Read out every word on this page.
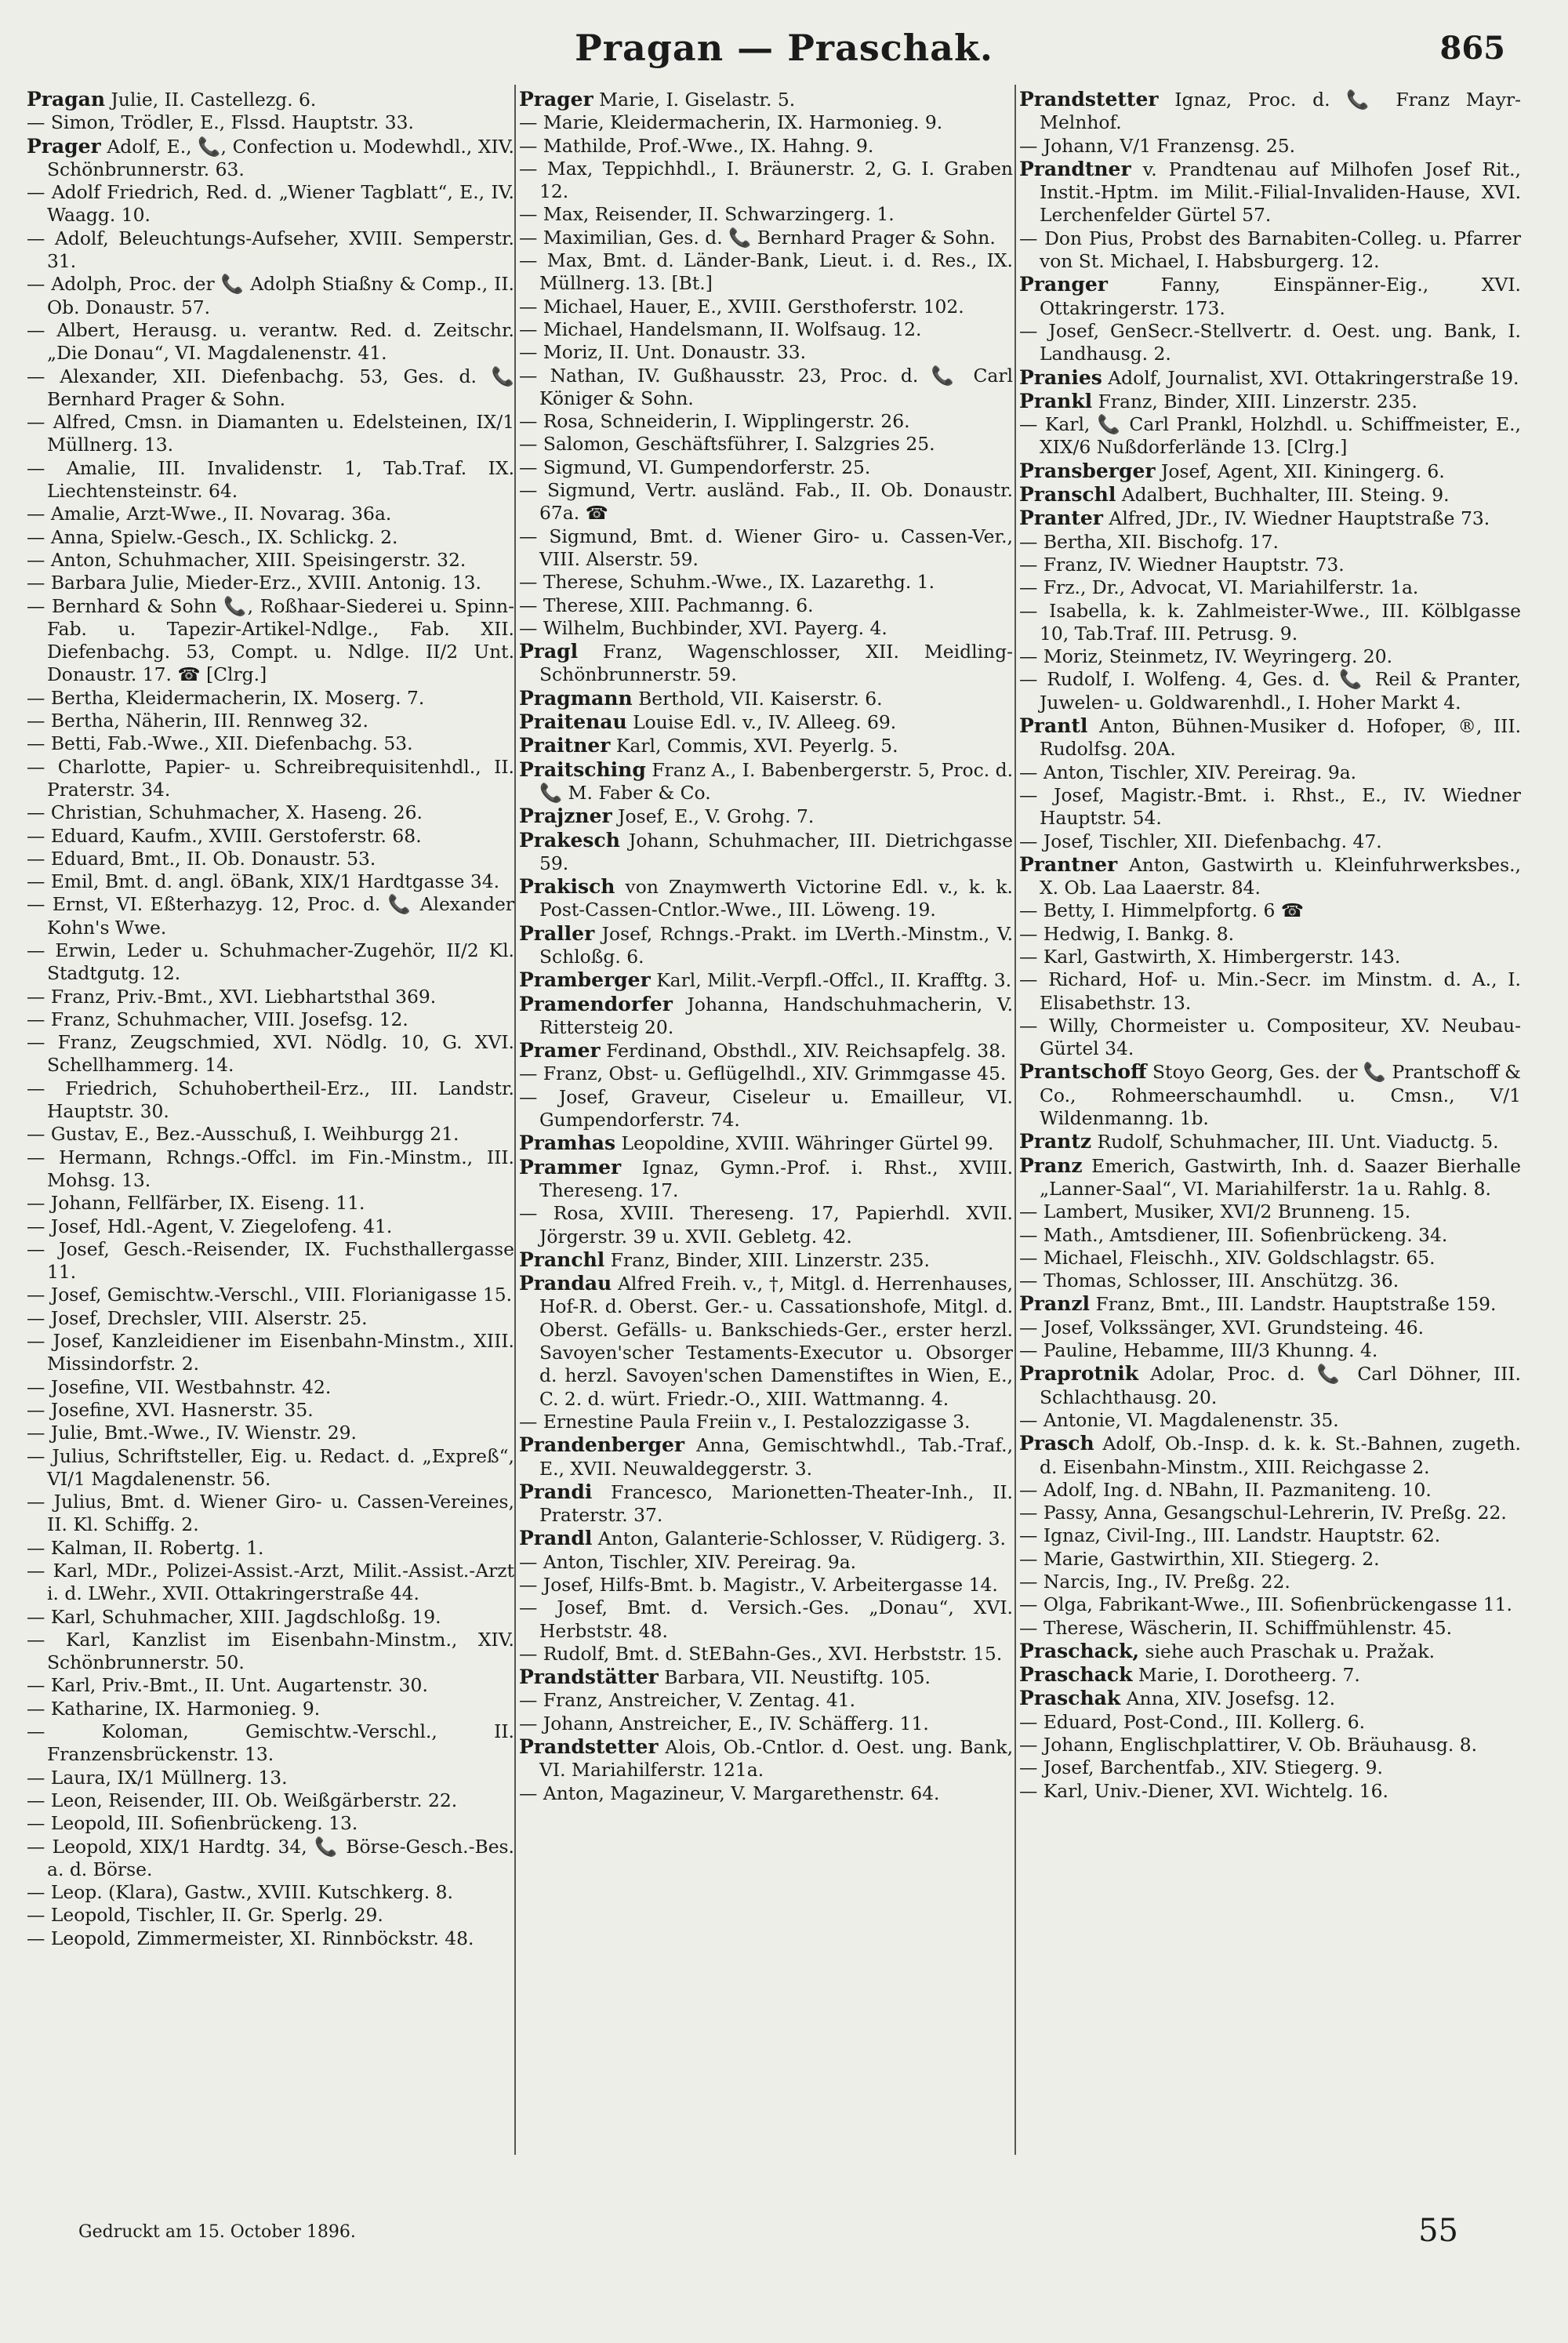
Pragan — Praschak.	865

Pragan Julie, II. Castellezg. 6.

— Simon, Trödler, E., Flssd. Hauptstr. 33.

Prager Adolf, E., 📞, Confection u. Modewhdl., XIV. Schönbrunnerstr. 63.

— Adolf Friedrich, Red. d. „Wiener Tagblatt“, E., IV. Waagg. 10.

— Adolf, Beleuchtungs-Aufseher, XVIII. Semperstr. 31.

— Adolph, Proc. der 📞 Adolph Stiaßny & Comp., II. Ob. Donaustr. 57.

— Albert, Herausg. u. verantw. Red. d. Zeitschr. „Die Donau“, VI. Magdalenenstr. 41.

— Alexander, XII. Diefenbachg. 53, Ges. d. 📞 Bernhard Prager & Sohn.

— Alfred, Cmsn. in Diamanten u. Edelsteinen, IX/1 Müllnerg. 13.

— Amalie, III. Invalidenstr. 1, Tab.Traf. IX. Liechtensteinstr. 64.

— Amalie, Arzt-Wwe., II. Novarag. 36a.

— Anna, Spielw.-Gesch., IX. Schlickg. 2.

— Anton, Schuhmacher, XIII. Speisingerstr. 32.

— Barbara Julie, Mieder-Erz., XVIII. Antonig. 13.

— Bernhard & Sohn 📞, Roßhaar-Siederei u. Spinn-Fab. u. Tapezir-Artikel-Ndlge., Fab. XII. Diefenbachg. 53, Compt. u. Ndlge. II/2 Unt. Donaustr. 17. ☎ [Clrg.]

— Bertha, Kleidermacherin, IX. Moserg. 7.

— Bertha, Näherin, III. Rennweg 32.

— Betti, Fab.-Wwe., XII. Diefenbachg. 53.

— Charlotte, Papier- u. Schreibrequisitenhdl., II. Praterstr. 34.

— Christian, Schuhmacher, X. Haseng. 26.

— Eduard, Kaufm., XVIII. Gerstoferstr. 68.

— Eduard, Bmt., II. Ob. Donaustr. 53.

— Emil, Bmt. d. angl. öBank, XIX/1 Hardtgasse 34.

— Ernst, VI. Eßterhazyg. 12, Proc. d. 📞 Alexander Kohn's Wwe.

— Erwin, Leder u. Schuhmacher-Zugehör, II/2 Kl. Stadtgutg. 12.

— Franz, Priv.-Bmt., XVI. Liebhartsthal 369.

— Franz, Schuhmacher, VIII. Josefsg. 12.

— Franz, Zeugschmied, XVI. Nödlg. 10, G. XVI. Schellhammerg. 14.

— Friedrich, Schuhobertheil-Erz., III. Landstr. Hauptstr. 30.

— Gustav, E., Bez.-Ausschuß, I. Weihburgg 21.

— Hermann, Rchngs.-Offcl. im Fin.-Minstm., III. Mohsg. 13.

— Johann, Fellfärber, IX. Eiseng. 11.

— Josef, Hdl.-Agent, V. Ziegelofeng. 41.

— Josef, Gesch.-Reisender, IX. Fuchsthallergasse 11.

— Josef, Gemischtw.-Verschl., VIII. Florianigasse 15.

— Josef, Drechsler, VIII. Alserstr. 25.

— Josef, Kanzleidiener im Eisenbahn-Minstm., XIII. Missindorfstr. 2.

— Josefine, VII. Westbahnstr. 42.

— Josefine, XVI. Hasnerstr. 35.

— Julie, Bmt.-Wwe., IV. Wienstr. 29.

— Julius, Schriftsteller, Eig. u. Redact. d. „Expreß“, VI/1 Magdalenenstr. 56.

— Julius, Bmt. d. Wiener Giro- u. Cassen-Vereines, II. Kl. Schiffg. 2.

— Kalman, II. Robertg. 1.

— Karl, MDr., Polizei-Assist.-Arzt, Milit.-Assist.-Arzt i. d. LWehr., XVII. Ottakringerstraße 44.

— Karl, Schuhmacher, XIII. Jagdschloßg. 19.

— Karl, Kanzlist im Eisenbahn-Minstm., XIV. Schönbrunnerstr. 50.

— Karl, Priv.-Bmt., II. Unt. Augartenstr. 30.

— Katharine, IX. Harmonieg. 9.

— Koloman, Gemischtw.-Verschl., II. Franzensbrückenstr. 13.

— Laura, IX/1 Müllnerg. 13.

— Leon, Reisender, III. Ob. Weißgärberstr. 22.

— Leopold, III. Sofienbrückeng. 13.

— Leopold, XIX/1 Hardtg. 34, 📞 Börse-Gesch.-Bes. a. d. Börse.

— Leop. (Klara), Gastw., XVIII. Kutschkerg. 8.

— Leopold, Tischler, II. Gr. Sperlg. 29.

— Leopold, Zimmermeister, XI. Rinnböckstr. 48.

Prager Marie, I. Giselastr. 5.

— Marie, Kleidermacherin, IX. Harmonieg. 9.

— Mathilde, Prof.-Wwe., IX. Hahng. 9.

— Max, Teppichhdl., I. Bräunerstr. 2, G. I. Graben 12.

— Max, Reisender, II. Schwarzingerg. 1.

— Maximilian, Ges. d. 📞 Bernhard Prager & Sohn.

— Max, Bmt. d. Länder-Bank, Lieut. i. d. Res., IX. Müllnerg. 13. [Bt.]

— Michael, Hauer, E., XVIII. Gersthoferstr. 102.

— Michael, Handelsmann, II. Wolfsaug. 12.

— Moriz, II. Unt. Donaustr. 33.

— Nathan, IV. Gußhausstr. 23, Proc. d. 📞 Carl Königer & Sohn.

— Rosa, Schneiderin, I. Wipplingerstr. 26.

— Salomon, Geschäftsführer, I. Salzgries 25.

— Sigmund, VI. Gumpendorferstr. 25.

— Sigmund, Vertr. ausländ. Fab., II. Ob. Donaustr. 67a. ☎

— Sigmund, Bmt. d. Wiener Giro- u. Cassen-Ver., VIII. Alserstr. 59.

— Therese, Schuhm.-Wwe., IX. Lazarethg. 1.

— Therese, XIII. Pachmanng. 6.

— Wilhelm, Buchbinder, XVI. Payerg. 4.

Pragl Franz, Wagenschlosser, XII. Meidling-Schönbrunnerstr. 59.

Pragmann Berthold, VII. Kaiserstr. 6.

Praitenau Louise Edl. v., IV. Alleeg. 69.

Praitner Karl, Commis, XVI. Peyerlg. 5.

Praitsching Franz A., I. Babenbergerstr. 5, Proc. d. 📞 M. Faber & Co.

Prajzner Josef, E., V. Grohg. 7.

Prakesch Johann, Schuhmacher, III. Dietrichgasse 59.

Prakisch von Znaymwerth Victorine Edl. v., k. k. Post-Cassen-Cntlor.-Wwe., III. Löweng. 19.

Praller Josef, Rchngs.-Prakt. im LVerth.-Minstm., V. Schloßg. 6.

Pramberger Karl, Milit.-Verpfl.-Offcl., II. Krafftg. 3.

Pramendorfer Johanna, Handschuhmacherin, V. Rittersteig 20.

Pramer Ferdinand, Obsthdl., XIV. Reichsapfelg. 38.

— Franz, Obst- u. Geflügelhdl., XIV. Grimmgasse 45.

— Josef, Graveur, Ciseleur u. Emailleur, VI. Gumpendorferstr. 74.

Pramhas Leopoldine, XVIII. Währinger Gürtel 99.

Prammer Ignaz, Gymn.-Prof. i. Rhst., XVIII. Thereseng. 17.

— Rosa, XVIII. Thereseng. 17, Papierhdl. XVII. Jörgerstr. 39 u. XVII. Gebletg. 42.

Pranchl Franz, Binder, XIII. Linzerstr. 235.

Prandau Alfred Freih. v., †, Mitgl. d. Herrenhauses, Hof-R. d. Oberst. Ger.- u. Cassationshofe, Mitgl. d. Oberst. Gefälls- u. Bankschieds-Ger., erster herzl. Savoyen'scher Testaments-Executor u. Obsorger d. herzl. Savoyen'schen Damenstiftes in Wien, E., C. 2. d. würt. Friedr.-O., XIII. Wattmanng. 4.

— Ernestine Paula Freiin v., I. Pestalozzigasse 3.

Prandenberger Anna, Gemischtwhdl., Tab.-Traf., E., XVII. Neuwaldeggerstr. 3.

Prandi Francesco, Marionetten-Theater-Inh., II. Praterstr. 37.

Prandl Anton, Galanterie-Schlosser, V. Rüdigerg. 3.

— Anton, Tischler, XIV. Pereirag. 9a.

— Josef, Hilfs-Bmt. b. Magistr., V. Arbeitergasse 14.

— Josef, Bmt. d. Versich.-Ges. „Donau“, XVI. Herbststr. 48.

— Rudolf, Bmt. d. StEBahn-Ges., XVI. Herbststr. 15.

Prandstätter Barbara, VII. Neustiftg. 105.

— Franz, Anstreicher, V. Zentag. 41.

— Johann, Anstreicher, E., IV. Schäfferg. 11.

Prandstetter Alois, Ob.-Cntlor. d. Oest. ung. Bank, VI. Mariahilferstr. 121a.

— Anton, Magazineur, V. Margarethenstr. 64.

Prandstetter Ignaz, Proc. d. 📞 Franz Mayr-Melnhof.

— Johann, V/1 Franzensg. 25.

Prandtner v. Prandtenau auf Milhofen Josef Rit., Instit.-Hptm. im Milit.-Filial-Invaliden-Hause, XVI. Lerchenfelder Gürtel 57.

— Don Pius, Probst des Barnabiten-Colleg. u. Pfarrer von St. Michael, I. Habsburgerg. 12.

Pranger	Fanny, Einspänner-Eig., XVI. Ottakringerstr. 173.

— Josef, GenSecr.-Stellvertr. d. Oest. ung. Bank, I. Landhausg. 2.

Pranies Adolf, Journalist, XVI. Ottakringerstraße 19.

Prankl Franz, Binder, XIII. Linzerstr. 235.

— Karl, 📞 Carl Prankl, Holzhdl. u. Schiffmeister, E., XIX/6 Nußdorferlände 13. [Clrg.]

Pransberger Josef, Agent, XII. Kiningerg. 6.

Pranschl Adalbert, Buchhalter, III. Steing. 9.

Pranter Alfred, JDr., IV. Wiedner Hauptstraße 73.

— Bertha, XII. Bischofg. 17.

— Franz, IV. Wiedner Hauptstr. 73.

— Frz., Dr., Advocat, VI. Mariahilferstr. 1a.

— Isabella, k. k. Zahlmeister-Wwe., III. Kölblgasse 10, Tab.Traf. III. Petrusg. 9.

— Moriz, Steinmetz, IV. Weyringerg. 20.

— Rudolf, I. Wolfeng. 4, Ges. d. 📞 Reil & Pranter, Juwelen- u. Goldwarenhdl., I. Hoher Markt 4.

Prantl Anton, Bühnen-Musiker d. Hofoper, ®, III. Rudolfsg. 20A.

— Anton, Tischler, XIV. Pereirag. 9a.

— Josef, Magistr.-Bmt. i. Rhst., E., IV. Wiedner Hauptstr. 54.

— Josef, Tischler, XII. Diefenbachg. 47.

Prantner Anton, Gastwirth u. Kleinfuhrwerksbes., X. Ob. Laa Laaerstr. 84.

— Betty, I. Himmelpfortg. 6 ☎

— Hedwig, I. Bankg. 8.

— Karl, Gastwirth, X. Himbergerstr. 143.

— Richard, Hof- u. Min.-Secr. im Minstm. d. A., I. Elisabethstr. 13.

— Willy, Chormeister u. Compositeur, XV. Neubau-Gürtel 34.

Prantschoff Stoyo Georg, Ges. der 📞 Prantschoff & Co., Rohmeerschaumhdl. u. Cmsn., V/1 Wildenmanng. 1b.

Prantz Rudolf, Schuhmacher, III. Unt. Viaductg. 5.

Pranz Emerich, Gastwirth, Inh. d. Saazer Bierhalle „Lanner-Saal“, VI. Mariahilferstr. 1a u. Rahlg. 8.

— Lambert, Musiker, XVI/2 Brunneng. 15.

— Math., Amtsdiener, III. Sofienbrückeng. 34.

— Michael, Fleischh., XIV. Goldschlagstr. 65.

— Thomas, Schlosser, III. Anschützg. 36.

Pranzl Franz, Bmt., III. Landstr. Hauptstraße 159.

— Josef, Volkssänger, XVI. Grundsteing. 46.

— Pauline, Hebamme, III/3 Khunng. 4.

Praprotnik Adolar, Proc. d. 📞 Carl Döhner, III. Schlachthausg. 20.

— Antonie, VI. Magdalenenstr. 35.

Prasch Adolf, Ob.-Insp. d. k. k. St.-Bahnen, zugeth. d. Eisenbahn-Minstm., XIII. Reichgasse 2.

— Adolf, Ing. d. NBahn, II. Pazmaniteng. 10.

— Passy, Anna, Gesangschul-Lehrerin, IV. Preßg. 22.

— Ignaz, Civil-Ing., III. Landstr. Hauptstr. 62.

— Marie, Gastwirthin, XII. Stiegerg. 2.

— Narcis, Ing., IV. Preßg. 22.

— Olga, Fabrikant-Wwe., III. Sofienbrückengasse 11.

— Therese, Wäscherin, II. Schiffmühlenstr. 45.

Praschack, siehe auch Praschak u. Pražak.

Praschack Marie, I. Dorotheerg. 7.

Praschak Anna, XIV. Josefsg. 12.

— Eduard, Post-Cond., III. Kollerg. 6.

— Johann, Englischplattirer, V. Ob. Bräuhausg. 8.

— Josef, Barchentfab., XIV. Stiegerg. 9.

— Karl, Univ.-Diener, XVI. Wichtelg. 16.

Gedruckt am 15. October 1896.	55
